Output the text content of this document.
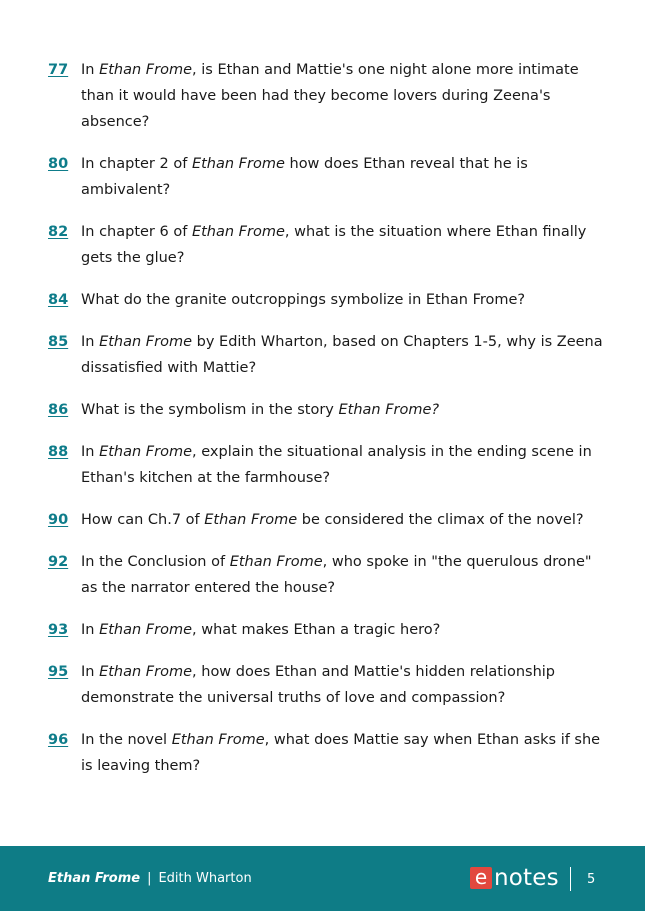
77 In Ethan Frome, is Ethan and Mattie's one night alone more intimate than it would have been had they become lovers during Zeena's absence?
80 In chapter 2 of Ethan Frome how does Ethan reveal that he is ambivalent?
82 In chapter 6 of Ethan Frome, what is the situation where Ethan finally gets the glue?
84 What do the granite outcroppings symbolize in Ethan Frome?
85 In Ethan Frome by Edith Wharton, based on Chapters 1-5, why is Zeena dissatisfied with Mattie?
86 What is the symbolism in the story Ethan Frome?
88 In Ethan Frome, explain the situational analysis in the ending scene in Ethan's kitchen at the farmhouse?
90 How can Ch.7 of Ethan Frome be considered the climax of the novel?
92 In the Conclusion of Ethan Frome, who spoke in "the querulous drone" as the narrator entered the house?
93 In Ethan Frome, what makes Ethan a tragic hero?
95 In Ethan Frome, how does Ethan and Mattie's hidden relationship demonstrate the universal truths of love and compassion?
96 In the novel Ethan Frome, what does Mattie say when Ethan asks if she is leaving them?
Ethan Frome | Edith Wharton	e notes 5
